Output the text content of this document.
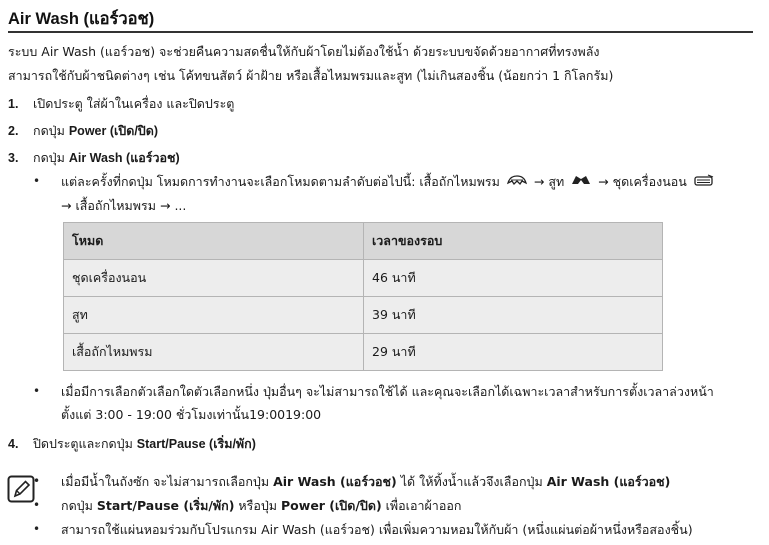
Air Wash (แอร์วอช)
ระบบ Air Wash (แอร์วอช) จะช่วยคืนความสดชื่นให้กับผ้าโดยไม่ต้องใช้น้ำ ด้วยระบบขจัดด้วยอากาศที่ทรงพลัง
สามารถใช้กับผ้าชนิดต่างๆ เช่น โค้ทขนสัตว์ ผ้าฝ้าย หรือเสื้อไหมพรมและสูท (ไม่เกินสองชิ้น (น้อยกว่า 1 กิโลกรัม)
1.	เปิดประตู ใส่ผ้าในเครื่อง และปิดประตู
2.	กดปุ่ม Power (เปิด/ปิด)
3.	กดปุ่ม Air Wash (แอร์วอช)
•	แต่ละครั้งที่กดปุ่ม โหมดการทำงานจะเลือกโหมดตามลำดับต่อไปนี้: เสื้อถักไหมพรม	→ สูท	→ ชุดเครื่องนอน
→ เสื้อถักไหมพรม → ...
โหมด	เวลาของรอบ
ชุดเครื่องนอน	46 นาที
สูท	39 นาที
เสื้อถักไหมพรม	29 นาที
•	เมื่อมีการเลือกตัวเลือกใดตัวเลือกหนึ่ง ปุ่มอื่นๆ จะไม่สามารถใช้ได้ และคุณจะเลือกได้เฉพาะเวลาสำหรับการตั้งเวลาล่วงหน้า
ตั้งแต่ 3:00 - 19:00 ชั่วโมงเท่านั้น19:0019:00
4.	ปิดประตูและกดปุ่ม Start/Pause (เริ่ม/พัก)
•	เมื่อมีน้ำในถังซัก จะไม่สามารถเลือกปุ่ม Air Wash (แอร์วอช) ได้ ให้ทิ้งน้ำแล้วจึงเลือกปุ่ม Air Wash (แอร์วอช)
•	กดปุ่ม Start/Pause (เริ่ม/พัก) หรือปุ่ม Power (เปิด/ปิด) เพื่อเอาผ้าออก
•	สามารถใช้แผ่นหอมร่วมกับโปรแกรม Air Wash (แอร์วอช) เพื่อเพิ่มความหอมให้กับผ้า (หนึ่งแผ่นต่อผ้าหนึ่งหรือสองชิ้น)
